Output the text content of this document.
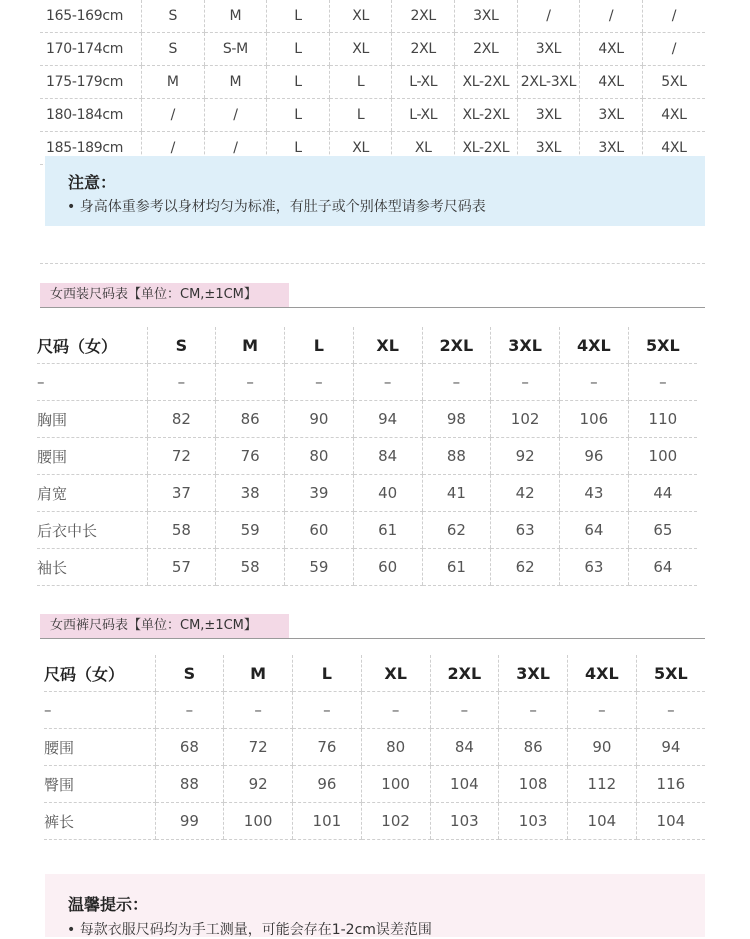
165-169cm	S	M	L	XL	2XL	3XL	/	/	/
170-174cm	S	S-M	L	XL	2XL	2XL	3XL	4XL	/
175-179cm	M	M	L	L	L-XL	XL-2XL	2XL-3XL	4XL	5XL
180-184cm	/	/	L	L	L-XL	XL-2XL	3XL	3XL	4XL
185-189cm	/	/	L	XL	XL	XL-2XL	3XL	3XL	4XL
注意：
• 身高体重参考以身材均匀为标准，有肚子或个别体型请参考尺码表
女西装尺码表【单位：CM,±1CM】
尺码（女）	S	M	L	XL	2XL	3XL	4XL	5XL
–	–	–	–	–	–	–	–	–
胸围	82	86	90	94	98	102	106	110
腰围	72	76	80	84	88	92	96	100
肩宽	37	38	39	40	41	42	43	44
后衣中长	58	59	60	61	62	63	64	65
袖长	57	58	59	60	61	62	63	64
女西裤尺码表【单位：CM,±1CM】
尺码（女）	S	M	L	XL	2XL	3XL	4XL	5XL
–	–	–	–	–	–	–	–	–
腰围	68	72	76	80	84	86	90	94
臀围	88	92	96	100	104	108	112	116
裤长	99	100	101	102	103	103	104	104
温馨提示：
• 每款衣服尺码均为手工测量，可能会存在1-2cm误差范围
